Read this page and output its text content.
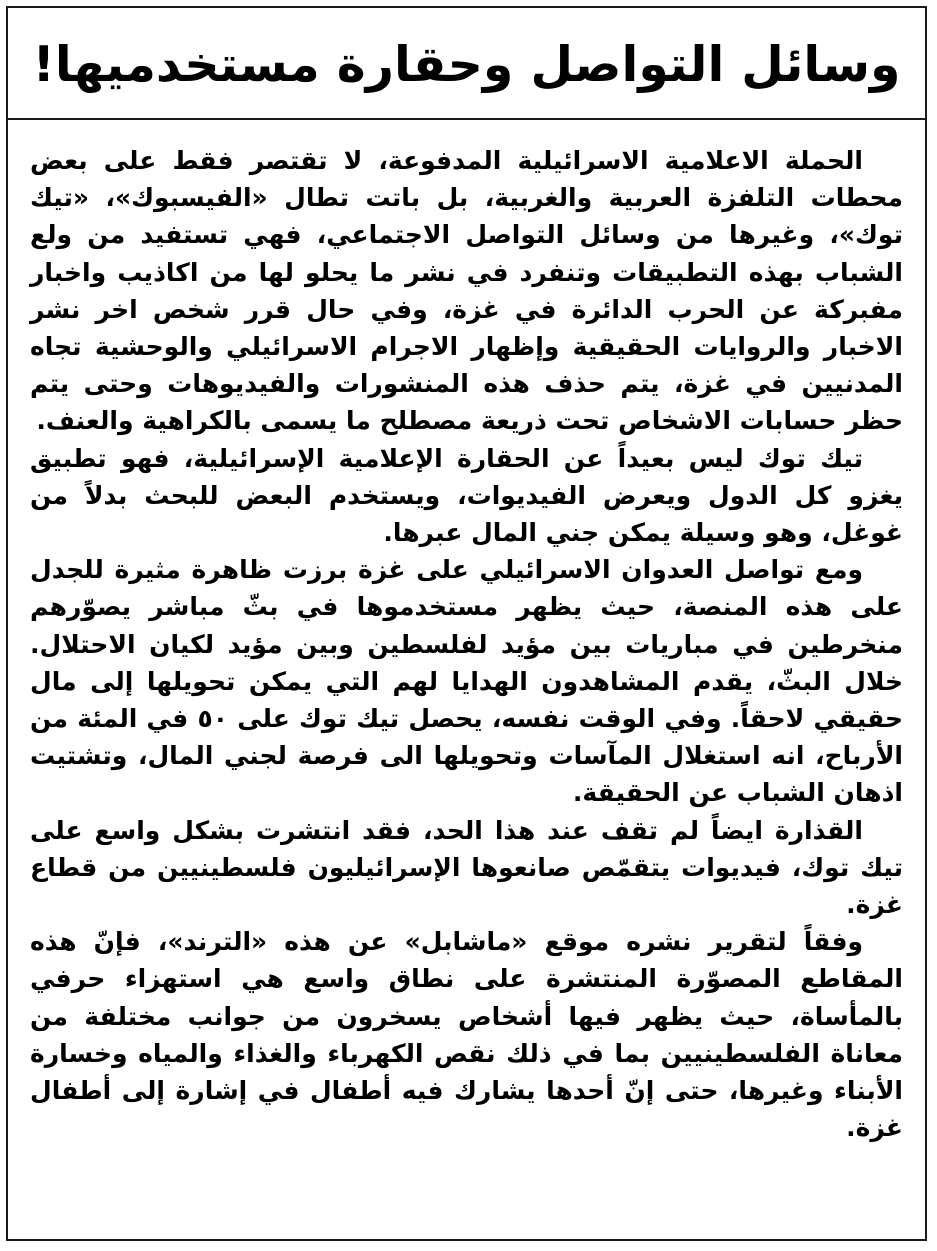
وسائل التواصل وحقارة مستخدميها!

الحملة الاعلامية الاسرائيلية المدفوعة، لا تقتصر فقط على بعض محطات التلفزة العربية والغربية، بل باتت تطال «الفيسبوك»، «تيك توك»، وغيرها من وسائل التواصل الاجتماعي، فهي تستفيد من ولع الشباب بهذه التطبيقات وتنفرد في نشر ما يحلو لها من اكاذيب واخبار مفبركة عن الحرب الدائرة في غزة، وفي حال قرر شخص اخر نشر الاخبار والروايات الحقيقية وإظهار الاجرام الاسرائيلي والوحشية تجاه المدنيين في غزة، يتم حذف هذه المنشورات والفيديوهات وحتى يتم حظر حسابات الاشخاص تحت ذريعة مصطلح ما يسمى بالكراهية والعنف.

تيك توك ليس بعيداً عن الحقارة الإعلامية الإسرائيلية، فهو تطبيق يغزو كل الدول ويعرض الفيديوات، ويستخدم البعض للبحث بدلاً من غوغل، وهو وسيلة يمكن جني المال عبرها.

ومع تواصل العدوان الاسرائيلي على غزة برزت ظاهرة مثيرة للجدل على هذه المنصة، حيث يظهر مستخدموها في بثّ مباشر يصوّرهم منخرطين في مباريات بين مؤيد لفلسطين وبين مؤيد لكيان الاحتلال. خلال البثّ، يقدم المشاهدون الهدايا لهم التي يمكن تحويلها إلى مال حقيقي لاحقاً. وفي الوقت نفسه، يحصل تيك توك على ٥٠ في المئة من الأرباح، انه استغلال المآسات وتحويلها الى فرصة لجني المال، وتشتيت اذهان الشباب عن الحقيقة.

القذارة ايضاً لم تقف عند هذا الحد، فقد انتشرت بشكل واسع على تيك توك، فيديوات يتقمّص صانعوها الإسرائيليون فلسطينيين من قطاع غزة.

وفقاً لتقرير نشره موقع «ماشابل» عن هذه «الترند»، فإنّ هذه المقاطع المصوّرة المنتشرة على نطاق واسع هي استهزاء حرفي بالمأساة، حيث يظهر فيها أشخاص يسخرون من جوانب مختلفة من معاناة الفلسطينيين بما في ذلك نقص الكهرباء والغذاء والمياه وخسارة الأبناء وغيرها، حتى إنّ أحدها يشارك فيه أطفال في إشارة إلى أطفال غزة.
